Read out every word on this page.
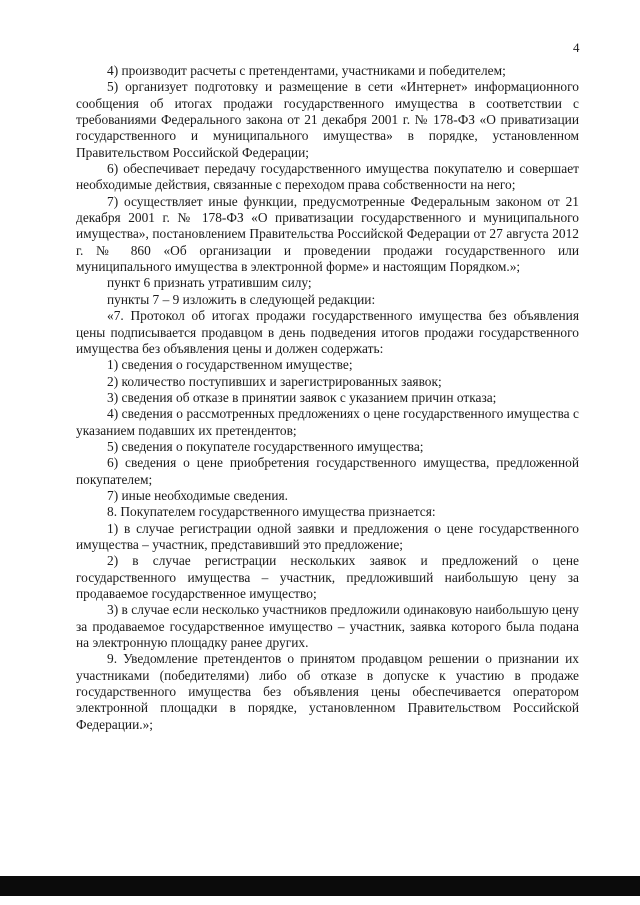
4

4) производит расчеты с претендентами, участниками и победителем;

5) организует подготовку и размещение в сети «Интернет» информационного сообщения об итогах продажи государственного имущества в соответствии с требованиями Федерального закона от 21 декабря 2001 г. № 178-ФЗ «О приватизации государственного и муниципального имущества» в порядке, установленном Правительством Российской Федерации;

6) обеспечивает передачу государственного имущества покупателю и совершает необходимые действия, связанные с переходом права собственности на него;

7) осуществляет иные функции, предусмотренные Федеральным законом от 21 декабря 2001 г. № 178-ФЗ «О приватизации государственного и муниципального имущества», постановлением Правительства Российской Федерации от 27 августа 2012 г. № 860 «Об организации и проведении продажи государственного или муниципального имущества в электронной форме» и настоящим Порядком.»;

пункт 6 признать утратившим силу;

пункты 7 – 9 изложить в следующей редакции:

«7. Протокол об итогах продажи государственного имущества без объявления цены подписывается продавцом в день подведения итогов продажи государственного имущества без объявления цены и должен содержать:

1) сведения о государственном имуществе;

2) количество поступивших и зарегистрированных заявок;

3) сведения об отказе в принятии заявок с указанием причин отказа;

4) сведения о рассмотренных предложениях о цене государственного имущества с указанием подавших их претендентов;

5) сведения о покупателе государственного имущества;

6) сведения о цене приобретения государственного имущества, предложенной покупателем;

7) иные необходимые сведения.

8. Покупателем государственного имущества признается:

1) в случае регистрации одной заявки и предложения о цене государственного имущества – участник, представивший это предложение;

2) в случае регистрации нескольких заявок и предложений о цене государственного имущества – участник, предложивший наибольшую цену за продаваемое государственное имущество;

3) в случае если несколько участников предложили одинаковую наибольшую цену за продаваемое государственное имущество – участник, заявка которого была подана на электронную площадку ранее других.

9. Уведомление претендентов о принятом продавцом решении о признании их участниками (победителями) либо об отказе в допуске к участию в продаже государственного имущества без объявления цены обеспечивается оператором электронной площадки в порядке, установленном Правительством Российской Федерации.»;
